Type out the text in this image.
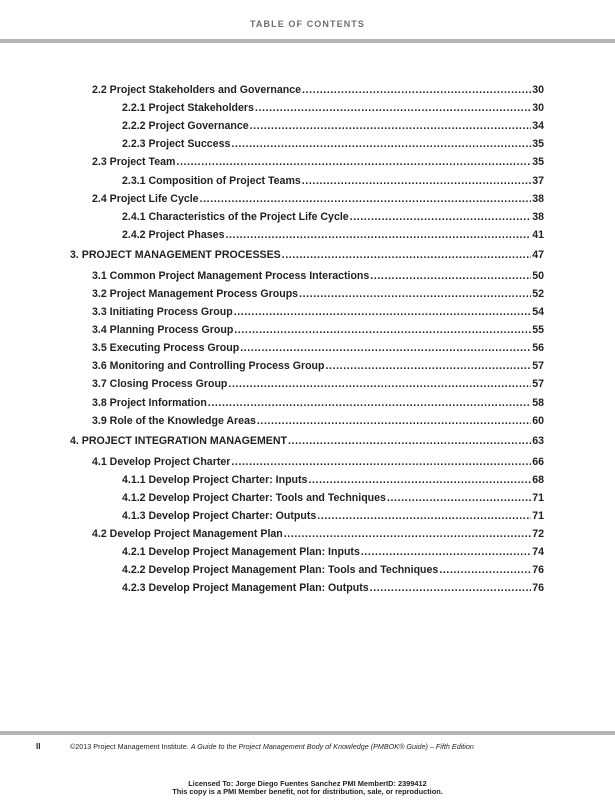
TABLE OF CONTENTS
2.2 Project Stakeholders and Governance .....	30
2.2.1 Project Stakeholders .....	30
2.2.2 Project Governance .....	34
2.2.3 Project Success .....	35
2.3 Project Team .....	35
2.3.1 Composition of Project Teams .....	37
2.4 Project Life Cycle .....	38
2.4.1 Characteristics of the Project Life Cycle .....	38
2.4.2 Project Phases .....	41
3. PROJECT MANAGEMENT PROCESSES .....	47
3.1 Common Project Management Process Interactions .....	50
3.2 Project Management Process Groups .....	52
3.3 Initiating Process Group .....	54
3.4 Planning Process Group .....	55
3.5 Executing Process Group .....	56
3.6 Monitoring and Controlling Process Group .....	57
3.7 Closing Process Group .....	57
3.8 Project Information .....	58
3.9 Role of the Knowledge Areas .....	60
4. PROJECT INTEGRATION MANAGEMENT .....	63
4.1 Develop Project Charter .....	66
4.1.1 Develop Project Charter: Inputs .....	68
4.1.2 Develop Project Charter: Tools and Techniques .....	71
4.1.3 Develop Project Charter: Outputs .....	71
4.2 Develop Project Management Plan .....	72
4.2.1 Develop Project Management Plan: Inputs .....	74
4.2.2 Develop Project Management Plan: Tools and Techniques .....	76
4.2.3 Develop Project Management Plan: Outputs .....	76
II	©2013 Project Management Institute. A Guide to the Project Management Body of Knowledge (PMBOK® Guide) – Fifth Edition
Licensed To: Jorge Diego Fuentes Sanchez PMI MemberID: 2399412
This copy is a PMI Member benefit, not for distribution, sale, or reproduction.
